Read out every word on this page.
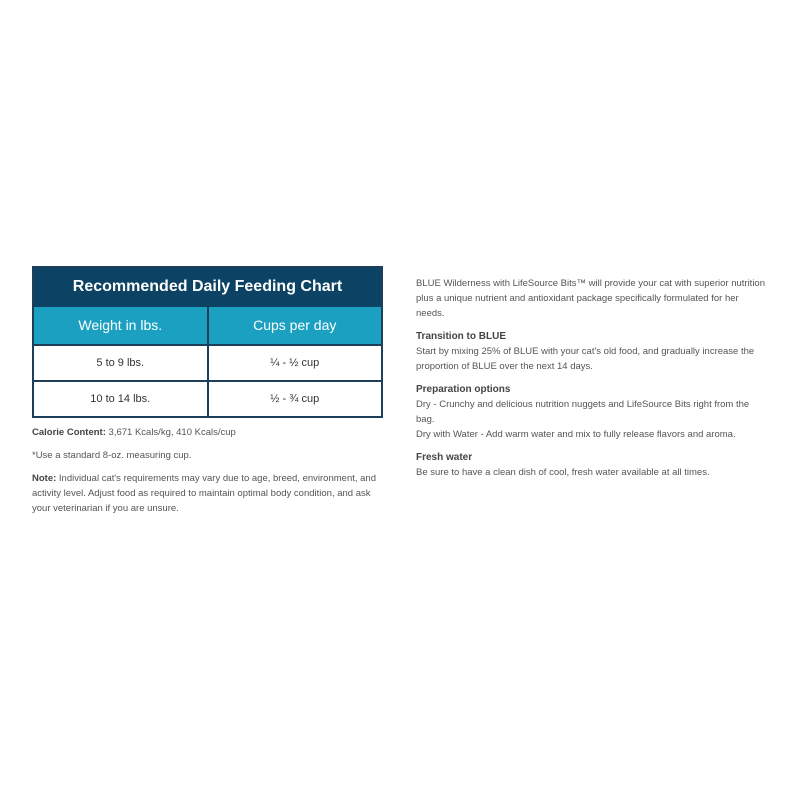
Recommended Daily Feeding Chart
Weight in lbs.	Cups per day
5 to 9 lbs.	¼ - ½ cup
10 to 14 lbs.	½ - ¾ cup

Calorie Content: 3,671 Kcals/kg, 410 Kcals/cup

*Use a standard 8-oz. measuring cup.

Note: Individual cat's requirements may vary due to age, breed, environment, and activity level. Adjust food as required to maintain optimal body condition, and ask your veterinarian if you are unsure.

BLUE Wilderness with LifeSource Bits™ will provide your cat with superior nutrition plus a unique nutrient and antioxidant package specifically formulated for her needs.

Transition to BLUE

Start by mixing 25% of BLUE with your cat's old food, and gradually increase the proportion of BLUE over the next 14 days.

Preparation options

Dry - Crunchy and delicious nutrition nuggets and LifeSource Bits right from the bag.

Dry with Water - Add warm water and mix to fully release flavors and aroma.

Fresh water

Be sure to have a clean dish of cool, fresh water available at all times.
